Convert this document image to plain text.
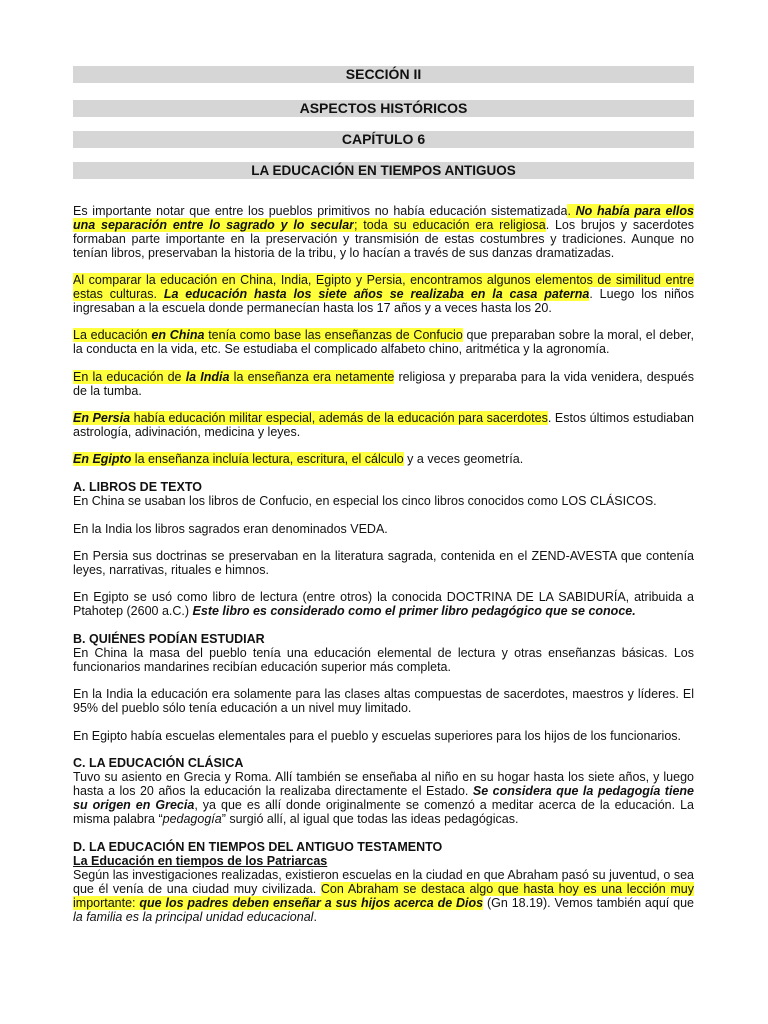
SECCIÓN II
ASPECTOS HISTÓRICOS
CAPÍTULO 6
LA EDUCACIÓN EN TIEMPOS ANTIGUOS

Es importante notar que entre los pueblos primitivos no había educación sistematizada. No había para ellos una separación entre lo sagrado y lo secular; toda su educación era religiosa. Los brujos y sacerdotes formaban parte importante en la preservación y transmisión de estas costumbres y tradiciones. Aunque no tenían libros, preservaban la historia de la tribu, y lo hacían a través de sus danzas dramatizadas.

Al comparar la educación en China, India, Egipto y Persia, encontramos algunos elementos de similitud entre estas culturas. La educación hasta los siete años se realizaba en la casa paterna. Luego los niños ingresaban a la escuela donde permanecían hasta los 17 años y a veces hasta los 20.

La educación en China tenía como base las enseñanzas de Confucio que preparaban sobre la moral, el deber, la conducta en la vida, etc. Se estudiaba el complicado alfabeto chino, aritmética y la agronomía.

En la educación de la India la enseñanza era netamente religiosa y preparaba para la vida venidera, después de la tumba.

En Persia había educación militar especial, además de la educación para sacerdotes. Estos últimos estudiaban astrología, adivinación, medicina y leyes.

En Egipto la enseñanza incluía lectura, escritura, el cálculo y a veces geometría.

A. LIBROS DE TEXTO

En China se usaban los libros de Confucio, en especial los cinco libros conocidos como LOS CLÁSICOS.

En la India los libros sagrados eran denominados VEDA.

En Persia sus doctrinas se preservaban en la literatura sagrada, contenida en el ZEND-AVESTA que contenía leyes, narrativas, rituales e himnos.

En Egipto se usó como libro de lectura (entre otros) la conocida DOCTRINA DE LA SABIDURÍA, atribuida a Ptahotep (2600 a.C.) Este libro es considerado como el primer libro pedagógico que se conoce.

B. QUIÉNES PODÍAN ESTUDIAR

En China la masa del pueblo tenía una educación elemental de lectura y otras enseñanzas básicas. Los funcionarios mandarines recibían educación superior más completa.

En la India la educación era solamente para las clases altas compuestas de sacerdotes, maestros y líderes. El 95% del pueblo sólo tenía educación a un nivel muy limitado.

En Egipto había escuelas elementales para el pueblo y escuelas superiores para los hijos de los funcionarios.

C. LA EDUCACIÓN CLÁSICA

Tuvo su asiento en Grecia y Roma. Allí también se enseñaba al niño en su hogar hasta los siete años, y luego hasta a los 20 años la educación la realizaba directamente el Estado. Se considera que la pedagogía tiene su origen en Grecia, ya que es allí donde originalmente se comenzó a meditar acerca de la educación. La misma palabra “pedagogía” surgió allí, al igual que todas las ideas pedagógicas.

D. LA EDUCACIÓN EN TIEMPOS DEL ANTIGUO TESTAMENTO
La Educación en tiempos de los Patriarcas

Según las investigaciones realizadas, existieron escuelas en la ciudad en que Abraham pasó su juventud, o sea que él venía de una ciudad muy civilizada. Con Abraham se destaca algo que hasta hoy es una lección muy importante: que los padres deben enseñar a sus hijos acerca de Dios (Gn 18.19). Vemos también aquí que la familia es la principal unidad educacional.
